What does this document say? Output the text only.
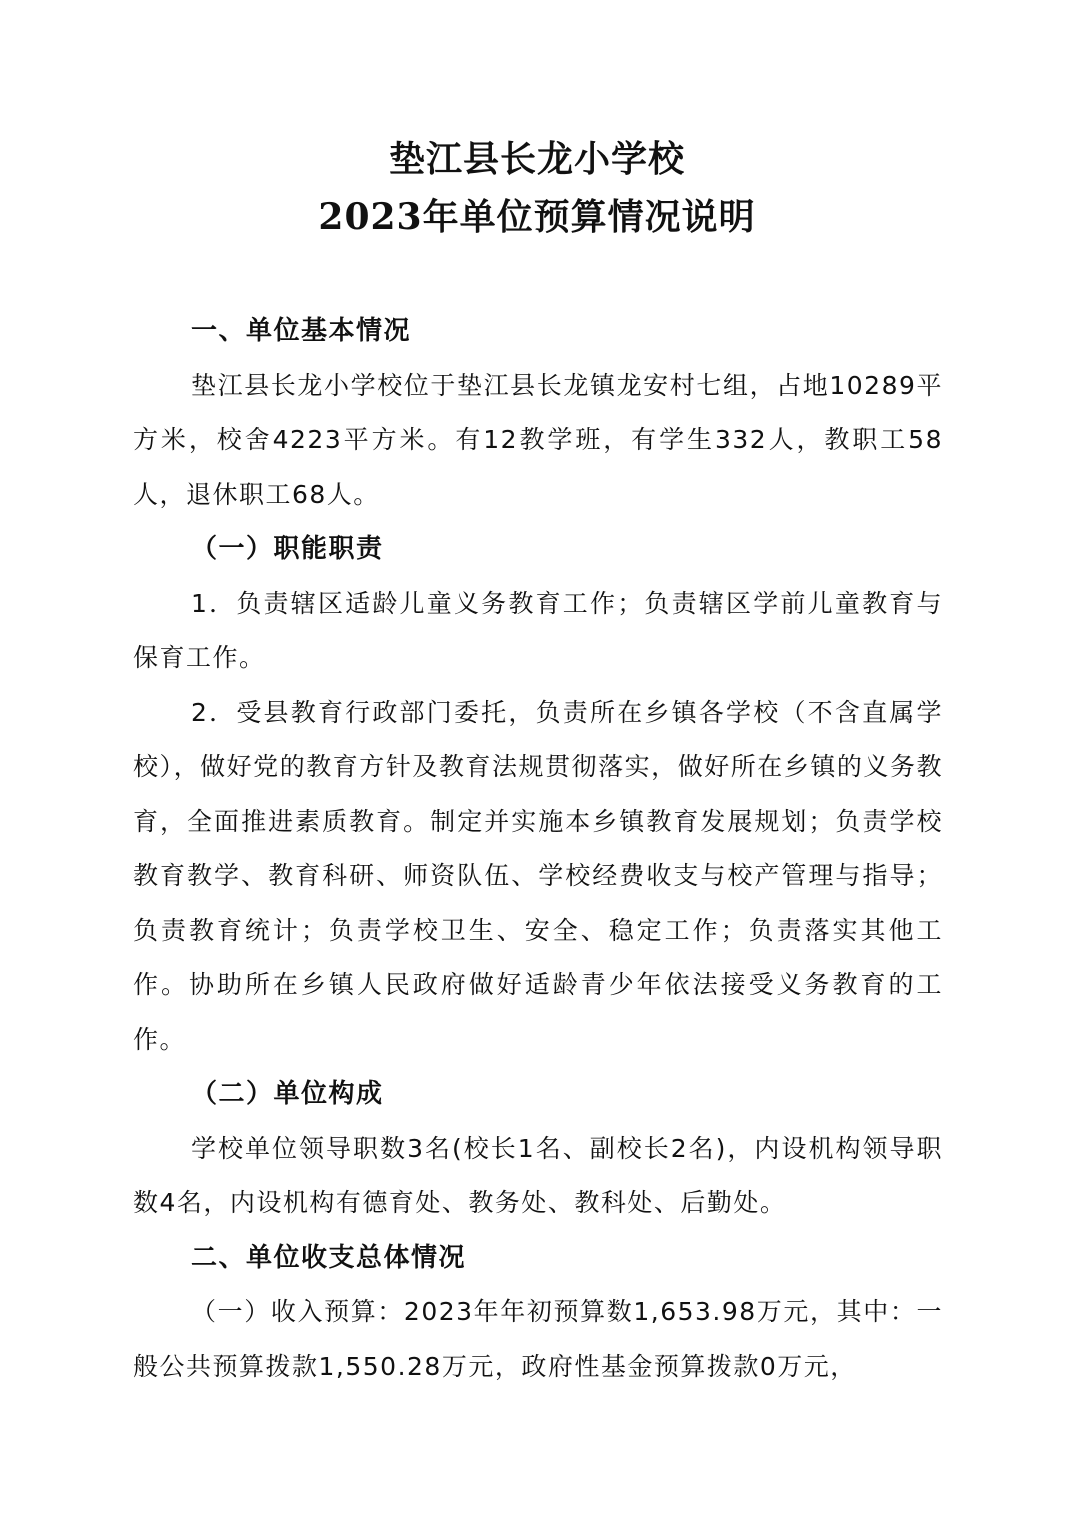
垫江县长龙小学校
2023年单位预算情况说明

一、单位基本情况

垫江县长龙小学校位于垫江县长龙镇龙安村七组，占地10289平方米，校舍4223平方米。有12教学班，有学生332人，教职工58人，退休职工68人。

（一）职能职责

1．负责辖区适龄儿童义务教育工作；负责辖区学前儿童教育与保育工作。

2．受县教育行政部门委托，负责所在乡镇各学校（不含直属学校），做好党的教育方针及教育法规贯彻落实，做好所在乡镇的义务教育，全面推进素质教育。制定并实施本乡镇教育发展规划；负责学校教育教学、教育科研、师资队伍、学校经费收支与校产管理与指导；负责教育统计；负责学校卫生、安全、稳定工作；负责落实其他工作。协助所在乡镇人民政府做好适龄青少年依法接受义务教育的工作。

（二）单位构成

学校单位领导职数3名(校长1名、副校长2名)，内设机构领导职数4名，内设机构有德育处、教务处、教科处、后勤处。

二、单位收支总体情况

（一）收入预算：2023年年初预算数1,653.98万元，其中：一般公共预算拨款1,550.28万元，政府性基金预算拨款0万元，
